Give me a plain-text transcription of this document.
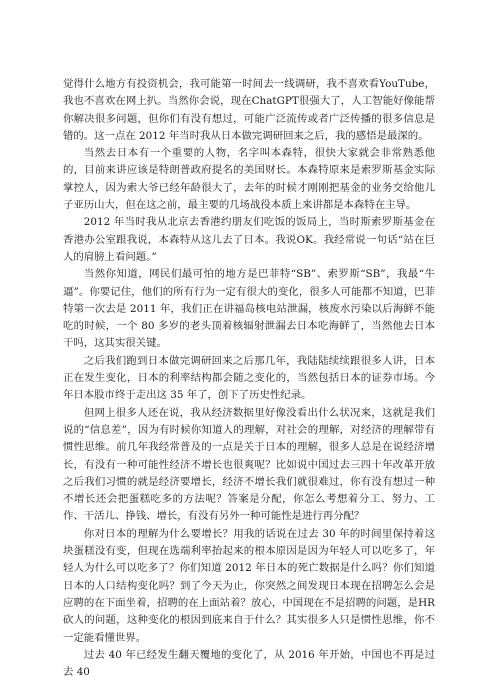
觉得什么地方有投资机会，我可能第一时间去一线调研，我不喜欢看YouTube，我也不喜欢在网上扒。当然你会说，现在ChatGPT很强大了，人工智能好像能帮你解决很多问题，但你们有没有想过，可能广泛流传或者广泛传播的很多信息是错的。这一点在 2012 年当时我从日本做完调研回来之后，我的感悟是最深的。

当然去日本有一个重要的人物，名字叫本森特，很快大家就会非常熟悉他的，目前来讲应该是特朗普政府提名的美国财长。本森特原来是索罗斯基金实际掌控人，因为索大爷已经年龄很大了，去年的时候才刚刚把基金的业务交给他儿子亚历山大，但在这之前，最主要的几场战役本质上来讲都是本森特在主导。

2012 年当时我从北京去香港约朋友们吃饭的饭局上，当时斯索罗斯基金在香港办公室跟我说，本森特从这儿去了日本。我说OK。我经常说一句话“站在巨人的肩膀上看问题。”

当然你知道，网民们最可怕的地方是巴菲特“SB”、索罗斯“SB”，我最“牛逼”。你要记住，他们的所有行为一定有很大的变化，很多人可能都不知道，巴菲特第一次去是 2011 年，我们正在讲福岛核电站泄漏，核废水污染以后海鲜不能吃的时候，一个 80 多岁的老头顶着核辐射泄漏去日本吃海鲜了，当然他去日本干吗，这其实很关键。

之后我们跑到日本做完调研回来之后那几年，我陆陆续续跟很多人讲，日本正在发生变化，日本的利率结构都会随之变化的，当然包括日本的证券市场。今年日本股市终于走出这 35 年了，创下了历史性纪录。

但网上很多人还在说，我从经济数据里好像没看出什么状况来，这就是我们说的“信息差”，因为有时候你知道人的理解，对社会的理解，对经济的理解带有惯性思维。前几年我经常普及的一点是关于日本的理解，很多人总是在说经济增长，有没有一种可能性经济不增长也很爽呢？比如说中国过去三四十年改革开放之后我们习惯的就是经济要增长，经济不增长我们就很难过，你有没有想过一种不增长还会把蛋糕吃多的方法呢？答案是分配，你怎么考想着分工、努力、工作、干活儿、挣钱、增长，有没有另外一种可能性是进行再分配？

你对日本的理解为什么要增长？用我的话说在过去 30 年的时间里保持着这块蛋糕没有变，但现在选端利率抬起来的根本原因是因为年轻人可以吃多了，年轻人为什么可以吃多了？你们知道 2012 年日本的死亡数据是什么吗？你们知道日本的人口结构变化吗？到了今天为止，你突然之间发现日本现在招聘怎么会是应聘的在下面坐着，招聘的在上面站着？放心，中国现在不是招聘的问题，是HR砍人的问题，这种变化的根因到底来自于什么？其实很多人只是惯性思维，你不一定能看懂世界。

过去 40 年已经发生翻天覆地的变化了，从 2016 年开始，中国也不再是过去 40
